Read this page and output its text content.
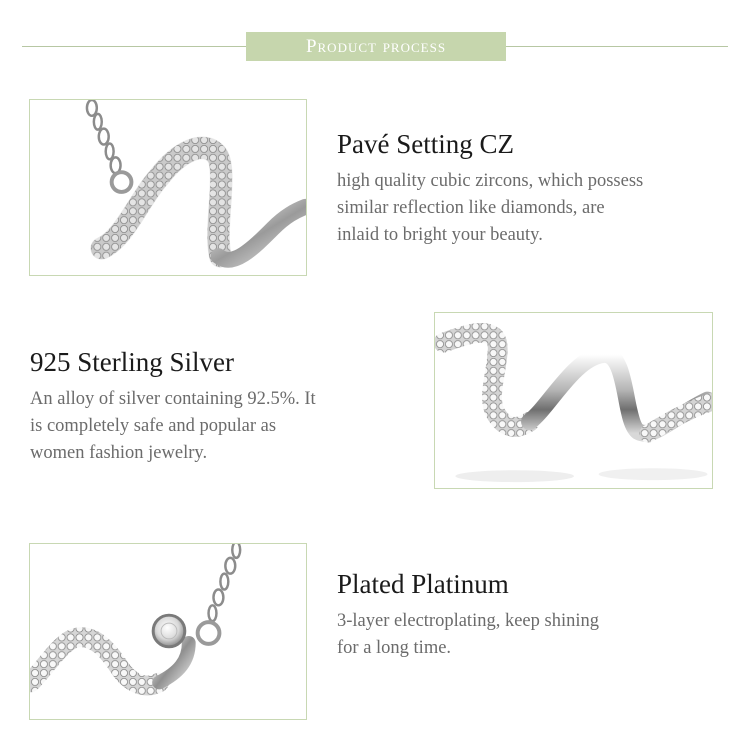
Product process
Pavé Setting CZ

high quality cubic zircons, which possess
similar reflection like diamonds, are
inlaid to bright your beauty.

925 Sterling Silver

An alloy of silver containing 92.5%. It
is completely safe and popular as
women fashion jewelry.

Plated Platinum

3-layer electroplating, keep shining
for a long time.
